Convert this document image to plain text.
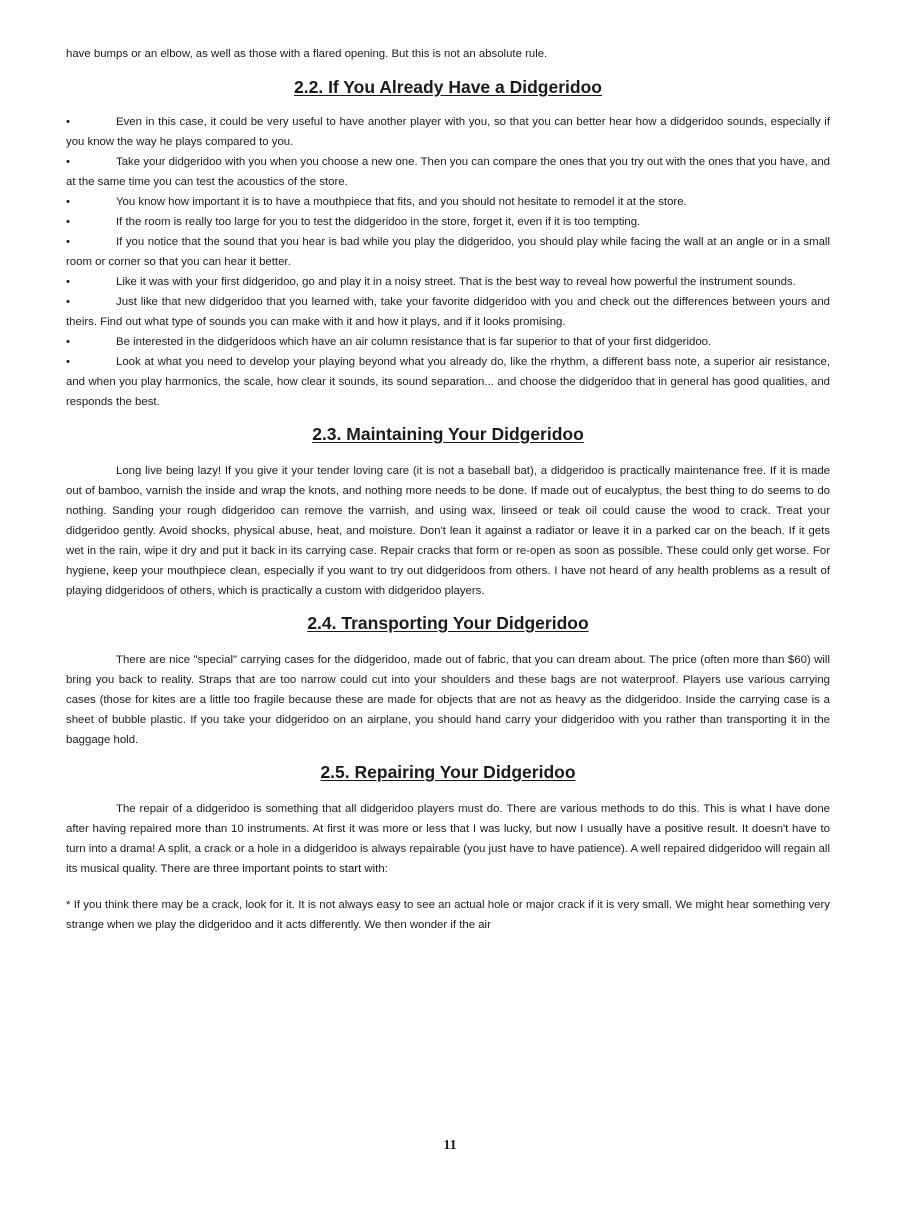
have bumps or an elbow, as well as those with a flared opening. But this is not an absolute rule.

2.2. If You Already Have a Didgeridoo
•	Even in this case, it could be very useful to have another player with you, so that you can better hear how a didgeridoo sounds, especially if you know the way he plays compared to you.
•	Take your didgeridoo with you when you choose a new one. Then you can compare the ones that you try out with the ones that you have, and at the same time you can test the acoustics of the store.
•	You know how important it is to have a mouthpiece that fits, and you should not hesitate to remodel it at the store.
•	If the room is really too large for you to test the didgeridoo in the store, forget it, even if it is too tempting.
•	If you notice that the sound that you hear is bad while you play the didgeridoo, you should play while facing the wall at an angle or in a small room or corner so that you can hear it better.
•	Like it was with your first didgeridoo, go and play it in a noisy street. That is the best way to reveal how powerful the instrument sounds.
•	Just like that new didgeridoo that you learned with, take your favorite didgeridoo with you and check out the differences between yours and theirs. Find out what type of sounds you can make with it and how it plays, and if it looks promising.
•	Be interested in the didgeridoos which have an air column resistance that is far superior to that of your first didgeridoo.
•	Look at what you need to develop your playing beyond what you already do, like the rhythm, a different bass note, a superior air resistance, and when you play harmonics, the scale, how clear it sounds, its sound separation... and choose the didgeridoo that in general has good qualities, and responds the best.
2.3. Maintaining Your Didgeridoo

Long live being lazy! If you give it your tender loving care (it is not a baseball bat), a didgeridoo is practically maintenance free. If it is made out of bamboo, varnish the inside and wrap the knots, and nothing more needs to be done. If made out of eucalyptus, the best thing to do seems to do nothing. Sanding your rough didgeridoo can remove the varnish, and using wax, linseed or teak oil could cause the wood to crack. Treat your didgeridoo gently. Avoid shocks, physical abuse, heat, and moisture. Don't lean it against a radiator or leave it in a parked car on the beach. If it gets wet in the rain, wipe it dry and put it back in its carrying case. Repair cracks that form or re-open as soon as possible. These could only get worse. For hygiene, keep your mouthpiece clean, especially if you want to try out didgeridoos from others. I have not heard of any health problems as a result of playing didgeridoos of others, which is practically a custom with didgeridoo players.

2.4. Transporting Your Didgeridoo

There are nice "special" carrying cases for the didgeridoo, made out of fabric, that you can dream about. The price (often more than $60) will bring you back to reality. Straps that are too narrow could cut into your shoulders and these bags are not waterproof. Players use various carrying cases (those for kites are a little too fragile because these are made for objects that are not as heavy as the didgeridoo. Inside the carrying case is a sheet of bubble plastic. If you take your didgeridoo on an airplane, you should hand carry your didgeridoo with you rather than transporting it in the baggage hold.

2.5. Repairing Your Didgeridoo

The repair of a didgeridoo is something that all didgeridoo players must do. There are various methods to do this. This is what I have done after having repaired more than 10 instruments. At first it was more or less that I was lucky, but now I usually have a positive result. It doesn't have to turn into a drama! A split, a crack or a hole in a didgeridoo is always repairable (you just have to have patience). A well repaired didgeridoo will regain all its musical quality. There are three important points to start with:

* If you think there may be a crack, look for it. It is not always easy to see an actual hole or major crack if it is very small. We might hear something very strange when we play the didgeridoo and it acts differently. We then wonder if the air

11
